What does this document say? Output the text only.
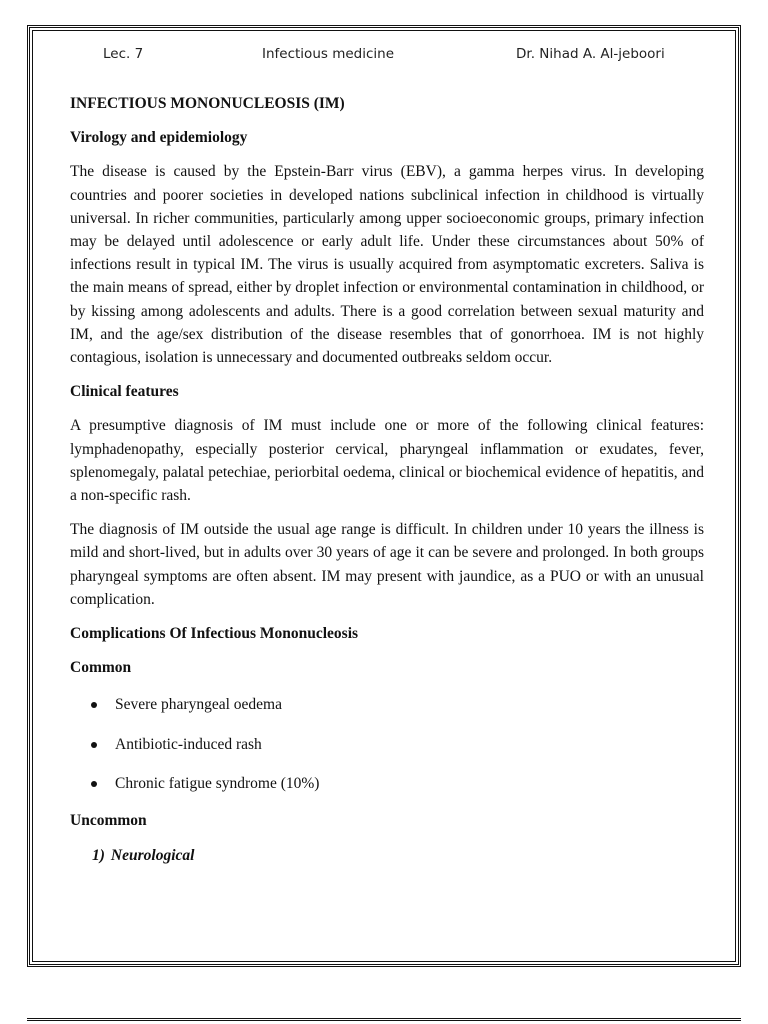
Lec. 7	Infectious medicine	Dr. Nihad A. Al-jeboori
INFECTIOUS MONONUCLEOSIS (IM)
Virology and epidemiology

The disease is caused by the Epstein-Barr virus (EBV), a gamma herpes virus. In developing countries and poorer societies in developed nations subclinical infection in childhood is virtually universal. In richer communities, particularly among upper socioeconomic groups, primary infection may be delayed until adolescence or early adult life. Under these circumstances about 50% of infections result in typical IM. The virus is usually acquired from asymptomatic excreters. Saliva is the main means of spread, either by droplet infection or environmental contamination in childhood, or by kissing among adolescents and adults. There is a good correlation between sexual maturity and IM, and the age/sex distribution of the disease resembles that of gonorrhoea. IM is not highly contagious, isolation is unnecessary and documented outbreaks seldom occur.

Clinical features

A presumptive diagnosis of IM must include one or more of the following clinical features: lymphadenopathy, especially posterior cervical, pharyngeal inflammation or exudates, fever, splenomegaly, palatal petechiae, periorbital oedema, clinical or biochemical evidence of hepatitis, and a non-specific rash.

The diagnosis of IM outside the usual age range is difficult. In children under 10 years the illness is mild and short-lived, but in adults over 30 years of age it can be severe and prolonged. In both groups pharyngeal symptoms are often absent. IM may present with jaundice, as a PUO or with an unusual complication.

Complications Of Infectious Mononucleosis
Common
Severe pharyngeal oedema
Antibiotic-induced rash
Chronic fatigue syndrome (10%)
Uncommon
1) Neurological
